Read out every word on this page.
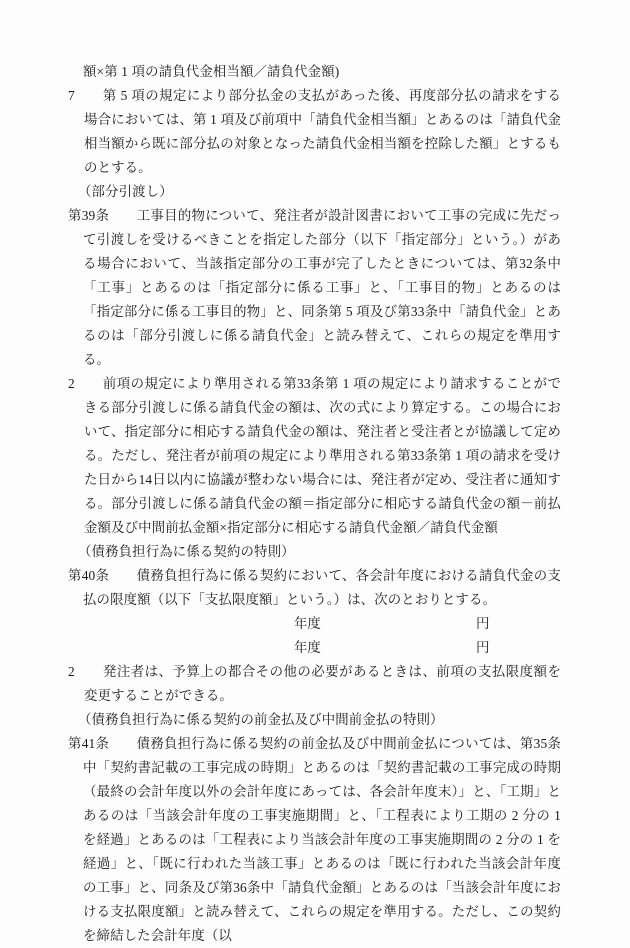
額×第 1 項の請負代金相当額／請負代金額)
7　　第 5 項の規定により部分払金の支払があった後、再度部分払の請求をする場合においては、第 1 項及び前項中「請負代金相当額」とあるのは「請負代金相当額から既に部分払の対象となった請負代金相当額を控除した額」とするものとする。
（部分引渡し）
第39条　　工事目的物について、発注者が設計図書において工事の完成に先だって引渡しを受けるべきことを指定した部分（以下「指定部分」という。）がある場合において、当該指定部分の工事が完了したときについては、第32条中「工事」とあるのは「指定部分に係る工事」と、「工事目的物」とあるのは「指定部分に係る工事目的物」と、同条第 5 項及び第33条中「請負代金」とあるのは「部分引渡しに係る請負代金」と読み替えて、これらの規定を準用する。
2　　前項の規定により準用される第33条第 1 項の規定により請求することができる部分引渡しに係る請負代金の額は、次の式により算定する。この場合において、指定部分に相応する請負代金の額は、発注者と受注者とが協議して定める。ただし、発注者が前項の規定により準用される第33条第 1 項の請求を受けた日から14日以内に協議が整わない場合には、発注者が定め、受注者に通知する。部分引渡しに係る請負代金の額＝指定部分に相応する請負代金の額－前払金額及び中間前払金額×指定部分に相応する請負代金額／請負代金額
（債務負担行為に係る契約の特則）
第40条　　債務負担行為に係る契約において、各会計年度における請負代金の支払の限度額（以下「支払限度額」という。）は、次のとおりとする。
年度	円
年度	円
2　　発注者は、予算上の都合その他の必要があるときは、前項の支払限度額を変更することができる。
（債務負担行為に係る契約の前金払及び中間前金払の特則）
第41条　　債務負担行為に係る契約の前金払及び中間前金払については、第35条中「契約書記載の工事完成の時期」とあるのは「契約書記載の工事完成の時期（最終の会計年度以外の会計年度にあっては、各会計年度末）」と、「工期」とあるのは「当該会計年度の工事実施期間」と、「工程表により工期の 2 分の 1 を経過」とあるのは「工程表により当該会計年度の工事実施期間の 2 分の 1 を経過」と、「既に行われた当該工事」とあるのは「既に行われた当該会計年度の工事」と、同条及び第36条中「請負代金額」とあるのは「当該会計年度における支払限度額」と読み替えて、これらの規定を準用する。ただし、この契約を締結した会計年度（以
